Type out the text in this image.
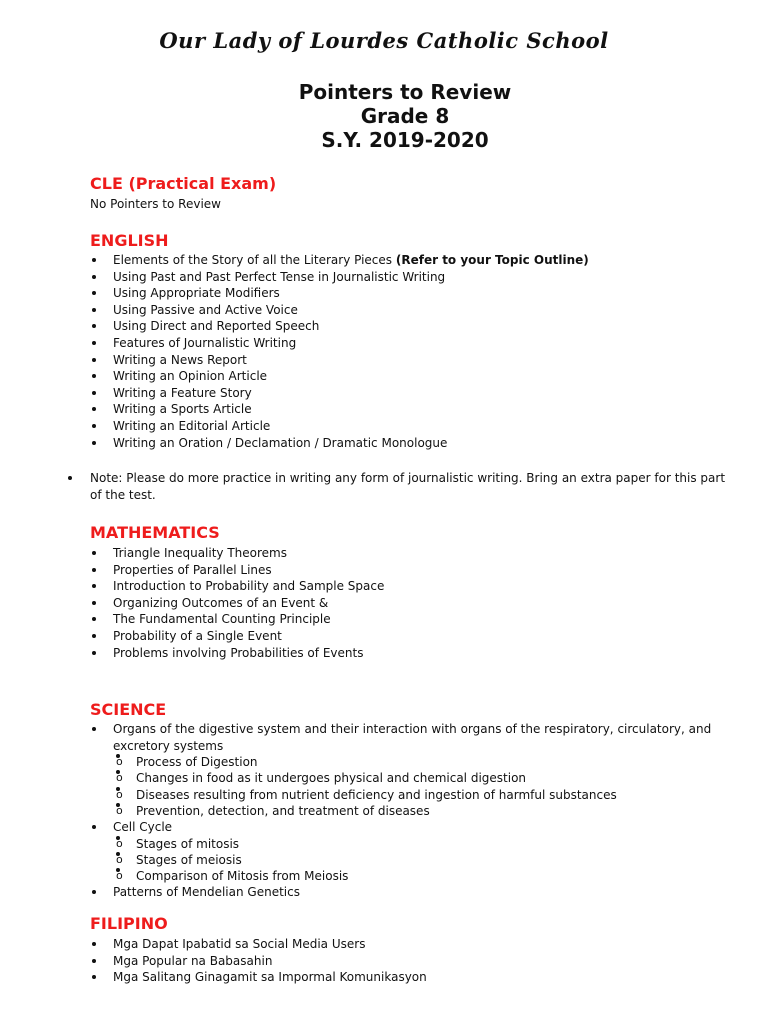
Our Lady of Lourdes Catholic School
Pointers to Review
Grade 8
S.Y. 2019-2020
CLE (Practical Exam)
No Pointers to Review
ENGLISH
Elements of the Story of all the Literary Pieces (Refer to your Topic Outline)
Using Past and Past Perfect Tense in Journalistic Writing
Using Appropriate Modifiers
Using Passive and Active Voice
Using Direct and Reported Speech
Features of Journalistic Writing
Writing a News Report
Writing an Opinion Article
Writing a Feature Story
Writing a Sports Article
Writing an Editorial Article
Writing an Oration / Declamation / Dramatic Monologue
Note: Please do more practice in writing any form of journalistic writing. Bring an extra paper for this part of the test.
MATHEMATICS
Triangle Inequality Theorems
Properties of Parallel Lines
Introduction to Probability and Sample Space
Organizing Outcomes of an Event &
The Fundamental Counting Principle
Probability of a Single Event
Problems involving Probabilities of Events
SCIENCE
Organs of the digestive system and their interaction with organs of the respiratory, circulatory, and excretory systems
o Process of Digestion
o Changes in food as it undergoes physical and chemical digestion
o Diseases resulting from nutrient deficiency and ingestion of harmful substances
o Prevention, detection, and treatment of diseases
Cell Cycle
o Stages of mitosis
o Stages of meiosis
o Comparison of Mitosis from Meiosis
Patterns of Mendelian Genetics
FILIPINO
Mga Dapat Ipabatid sa Social Media Users
Mga Popular na Babasahin
Mga Salitang Ginagamit sa Impormal Komunikasyon
